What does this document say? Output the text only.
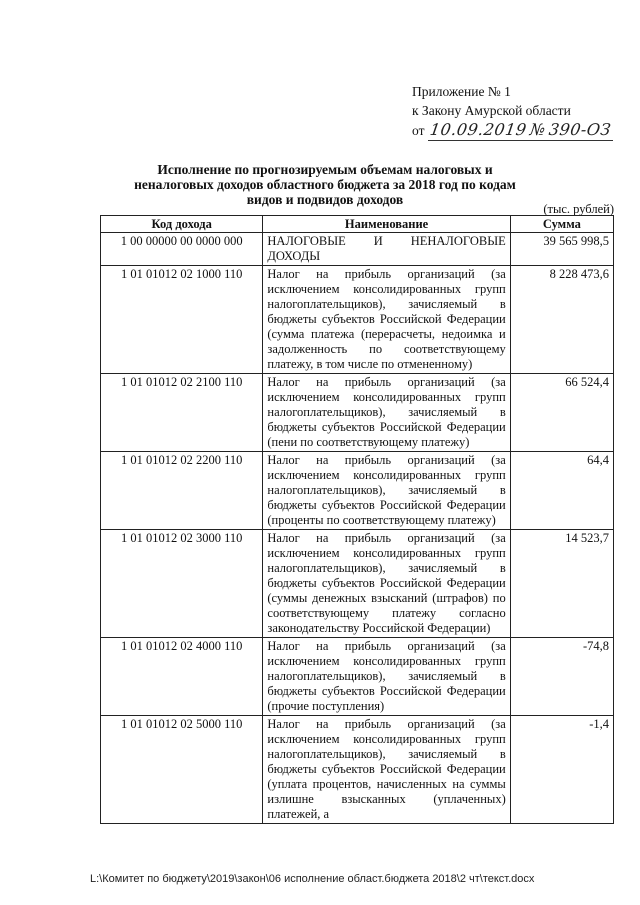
Приложение № 1
к Закону Амурской области
от 10.09.2019 № 390-ОЗ
Исполнение по прогнозируемым объемам налоговых и неналоговых доходов областного бюджета за 2018 год по кодам видов и подвидов доходов
(тыс. рублей)
Код дохода	Наименование	Сумма
1 00 00000 00 0000 000	НАЛОГОВЫЕ И НЕНАЛОГОВЫЕ ДОХОДЫ	39 565 998,5
1 01 01012 02 1000 110	Налог на прибыль организаций (за исключением консолидированных групп налогоплательщиков), зачисляемый в бюджеты субъектов Российской Федерации (сумма платежа (перерасчеты, недоимка и задолженность по соответствующему платежу, в том числе по отмененному)	8 228 473,6
1 01 01012 02 2100 110	Налог на прибыль организаций (за исключением консолидированных групп налогоплательщиков), зачисляемый в бюджеты субъектов Российской Федерации (пени по соответствующему платежу)	66 524,4
1 01 01012 02 2200 110	Налог на прибыль организаций (за исключением консолидированных групп налогоплательщиков), зачисляемый в бюджеты субъектов Российской Федерации (проценты по соответствующему платежу)	64,4
1 01 01012 02 3000 110	Налог на прибыль организаций (за исключением консолидированных групп налогоплательщиков), зачисляемый в бюджеты субъектов Российской Федерации (суммы денежных взысканий (штрафов) по соответствующему платежу согласно законодательству Российской Федерации)	14 523,7
1 01 01012 02 4000 110	Налог на прибыль организаций (за исключением консолидированных групп налогоплательщиков), зачисляемый в бюджеты субъектов Российской Федерации (прочие поступления)	-74,8
1 01 01012 02 5000 110	Налог на прибыль организаций (за исключением консолидированных групп налогоплательщиков), зачисляемый в бюджеты субъектов Российской Федерации (уплата процентов, начисленных на суммы излишне взысканных (уплаченных) платежей, а	-1,4
L:\Комитет по бюджету\2019\закон\06 исполнение област.бюджета 2018\2 чт\текст.docx
